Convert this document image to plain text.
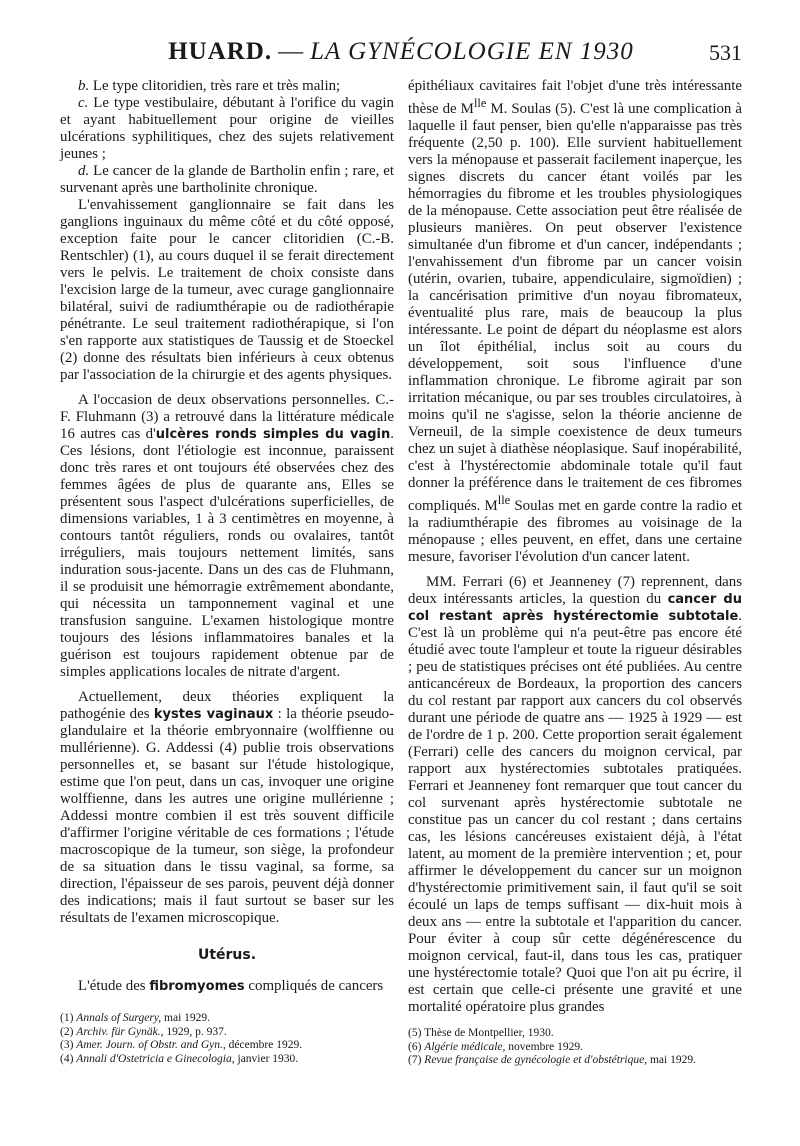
HUARD. — LA GYNÉCOLOGIE EN 1930	531

b. Le type clitoridien, très rare et très malin;

c. Le type vestibulaire, débutant à l'orifice du vagin et ayant habituellement pour origine de vieilles ulcérations syphilitiques, chez des sujets relativement jeunes ;

d. Le cancer de la glande de Bartholin enfin ; rare, et survenant après une bartholinite chronique.

L'envahissement ganglionnaire se fait dans les ganglions inguinaux du même côté et du côté opposé, exception faite pour le cancer clitoridien (C.-B. Rentschler) (1), au cours duquel il se ferait directement vers le pelvis. Le traitement de choix consiste dans l'excision large de la tumeur, avec curage ganglionnaire bilatéral, suivi de radiumthérapie ou de radiothérapie pénétrante. Le seul traitement radiothérapique, si l'on s'en rapporte aux statistiques de Taussig et de Stoeckel (2) donne des résultats bien inférieurs à ceux obtenus par l'association de la chirurgie et des agents physiques.

A l'occasion de deux observations personnelles. C.-F. Fluhmann (3) a retrouvé dans la littérature médicale 16 autres cas d'ulcères ronds simples du vagin. Ces lésions, dont l'étiologie est inconnue, paraissent donc très rares et ont toujours été observées chez des femmes âgées de plus de quarante ans, Elles se présentent sous l'aspect d'ulcérations superficielles, de dimensions variables, 1 à 3 centimètres en moyenne, à contours tantôt réguliers, ronds ou ovalaires, tantôt irréguliers, mais toujours nettement limités, sans induration sous-jacente. Dans un des cas de Fluhmann, il se produisit une hémorragie extrêmement abondante, qui nécessita un tamponnement vaginal et une transfusion sanguine. L'examen histologique montre toujours des lésions inflammatoires banales et la guérison est toujours rapidement obtenue par de simples applications locales de nitrate d'argent.

Actuellement, deux théories expliquent la pathogénie des kystes vaginaux : la théorie pseudo-glandulaire et la théorie embryonnaire (wolffienne ou mullérienne). G. Addessi (4) publie trois observations personnelles et, se basant sur l'étude histologique, estime que l'on peut, dans un cas, invoquer une origine wolffienne, dans les autres une origine mullérienne ; Addessi montre combien il est très souvent difficile d'affirmer l'origine véritable de ces formations ; l'étude macroscopique de la tumeur, son siège, la profondeur de sa situation dans le tissu vaginal, sa forme, sa direction, l'épaisseur de ses parois, peuvent déjà donner des indications; mais il faut surtout se baser sur les résultats de l'examen microscopique.

Utérus.

L'étude des fibromyomes compliqués de cancers

épithéliaux cavitaires fait l'objet d'une très intéressante thèse de $M^{lle}$ M. Soulas (5). C'est là une complication à laquelle il faut penser, bien qu'elle n'apparaisse pas très fréquente (2,50 p. 100). Elle survient habituellement vers la ménopause et passerait facilement inaperçue, les signes discrets du cancer étant voilés par les hémorragies du fibrome et les troubles physiologiques de la ménopause. Cette association peut être réalisée de plusieurs manières. On peut observer l'existence simultanée d'un fibrome et d'un cancer, indépendants ; l'envahissement d'un fibrome par un cancer voisin (utérin, ovarien, tubaire, appendiculaire, sigmoïdien) ; la cancérisation primitive d'un noyau fibromateux, éventualité plus rare, mais de beaucoup la plus intéressante. Le point de départ du néoplasme est alors un îlot épithélial, inclus soit au cours du développement, soit sous l'influence d'une inflammation chronique. Le fibrome agirait par son irritation mécanique, ou par ses troubles circulatoires, à moins qu'il ne s'agisse, selon la théorie ancienne de Verneuil, de la simple coexistence de deux tumeurs chez un sujet à diathèse néoplasique. Sauf inopérabilité, c'est à l'hystérectomie abdominale totale qu'il faut donner la préférence dans le traitement de ces fibromes compliqués. $M^{lle}$ Soulas met en garde contre la radio et la radiumthérapie des fibromes au voisinage de la ménopause ; elles peuvent, en effet, dans une certaine mesure, favoriser l'évolution d'un cancer latent.

MM. Ferrari (6) et Jeanneney (7) reprennent, dans deux intéressants articles, la question du cancer du col restant après hystérectomie subtotale. C'est là un problème qui n'a peut-être pas encore été étudié avec toute l'ampleur et toute la rigueur désirables ; peu de statistiques précises ont été publiées. Au centre anticancéreux de Bordeaux, la proportion des cancers du col restant par rapport aux cancers du col observés durant une période de quatre ans — 1925 à 1929 — est de l'ordre de 1 p. 200. Cette proportion serait également (Ferrari) celle des cancers du moignon cervical, par rapport aux hystérectomies subtotales pratiquées. Ferrari et Jeanneney font remarquer que tout cancer du col survenant après hystérectomie subtotale ne constitue pas un cancer du col restant ; dans certains cas, les lésions cancéreuses existaient déjà, à l'état latent, au moment de la première intervention ; et, pour affirmer le développement du cancer sur un moignon d'hystérectomie primitivement sain, il faut qu'il se soit écoulé un laps de temps suffisant — dix-huit mois à deux ans — entre la subtotale et l'apparition du cancer. Pour éviter à coup sûr cette dégénérescence du moignon cervical, faut-il, dans tous les cas, pratiquer une hystérectomie totale? Quoi que l'on ait pu écrire, il est certain que celle-ci présente une gravité et une mortalité opératoire plus grandes

(1) Annals of Surgery, mai 1929.
(2) Archiv. für Gynäk., 1929, p. 937.
(3) Amer. Journ. of Obstr. and Gyn., décembre 1929.
(4) Annali d'Ostetricia e Ginecologia, janvier 1930.
(5) Thèse de Montpellier, 1930.
(6) Algérie médicale, novembre 1929.
(7) Revue française de gynécologie et d'obstétrique, mai 1929.
